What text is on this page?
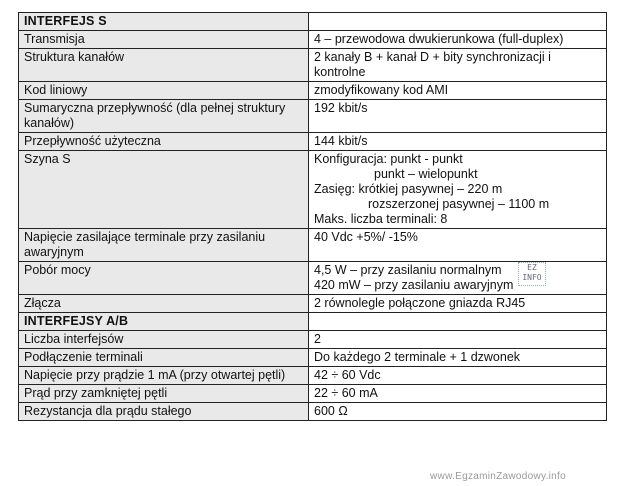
INTERFEJS S	
Transmisja	4 – przewodowa dwukierunkowa (full-duplex)
Struktura kanałów	2 kanały B + kanał D + bity synchronizacji i kontrolne
Kod liniowy	zmodyfikowany kod AMI
Sumaryczna przepływność (dla pełnej struktury kanałów)	192 kbit/s
Przepływność użyteczna	144 kbit/s
Szyna S	Konfiguracja: punkt - punkt
punkt – wielopunkt
Zasięg: krótkiej pasywnej – 220 m
rozszerzonej pasywnej – 1100 m
Maks. liczba terminali: 8

Napięcie zasilające terminale przy zasilaniu awaryjnym	40 Vdc +5%/ -15%
Pobór mocy	4,5 W – przy zasilaniu normalnym
420 mW – przy zasilaniu awaryjnym

Złącza	2 równolegle połączone gniazda RJ45
INTERFEJSY A/B	
Liczba interfejsów	2
Podłączenie terminali	Do każdego 2 terminale + 1 dzwonek
Napięcie przy prądzie 1 mA (przy otwartej pętli)	42 ÷ 60 Vdc
Prąd przy zamkniętej pętli	22 ÷ 60 mA
Rezystancja dla prądu stałego	600 Ω
EZ INFO
www.EgzaminZawodowy.info
